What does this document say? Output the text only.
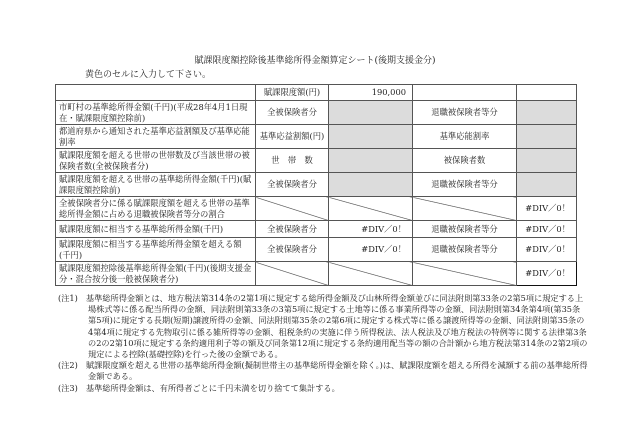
賦課限度額控除後基準総所得金額算定シート(後期支援金分)
黄色のセルに入力して下さい。
	賦課限度額(円)	190,000		
市町村の基準総所得金額(千円)(平成28年4月1日現在・賦課限度額控除前)	全被保険者分		退職被保険者等分	
都道府県から通知された基準応益割額及び基準応能割率	基準応益割額(円)		基準応能割率	
賦課限度額を超える世帯の世帯数及び当該世帯の被保険者数(全被保険者分)	世　帯　数		被保険者数	
賦課限度額を超える世帯の基準総所得金額(千円)(賦課限度額控除前)	全被保険者分		退職被保険者等分	
全被保険者分に係る賦課限度額を超える世帯の基準総所得金額に占める退職被保険者等分の割合				#DIV／0！
賦課限度額に相当する基準総所得金額(千円)	全被保険者分	#DIV／0！	退職被保険者等分	#DIV／0！
賦課限度額に相当する基準総所得金額を超える額(千円)	全被保険者分	#DIV／0！	退職被保険者等分	#DIV／0！
賦課限度額控除後基準総所得金額(千円)(後期支援金分・混合按分後一般被保険者分)				#DIV／0！
(注1)　基準総所得金額とは、地方税法第314条の2第1項に規定する総所得金額及び山林所得金額並びに同法附則第33条の2第5項に規定する上場株式等に係る配当所得の金額、同法附則第33条の3第5項に規定する土地等に係る事業所得等の金額、同法附則第34条第4項(第35条第5項)に規定する長期(短期)譲渡所得の金額、同法附則第35条の2第6項に規定する株式等に係る譲渡所得等の金額、同法附則第35条の4第4項に規定する先物取引に係る雑所得等の金額、租税条約の実施に伴う所得税法、法人税法及び地方税法の特例等に関する法律第3条の2の2第10項に規定する条約適用利子等の額及び同条第12項に規定する条約適用配当等の額の合計額から地方税法第314条の2第2項の規定による控除(基礎控除)を行った後の金額である。
(注2)　賦課限度額を超える世帯の基準総所得金額(擬制世帯主の基準総所得金額を除く。)は、賦課限度額を超える所得を減額する前の基準総所得金額である。
(注3)　基準総所得金額は、有所得者ごとに千円未満を切り捨てて集計する。
